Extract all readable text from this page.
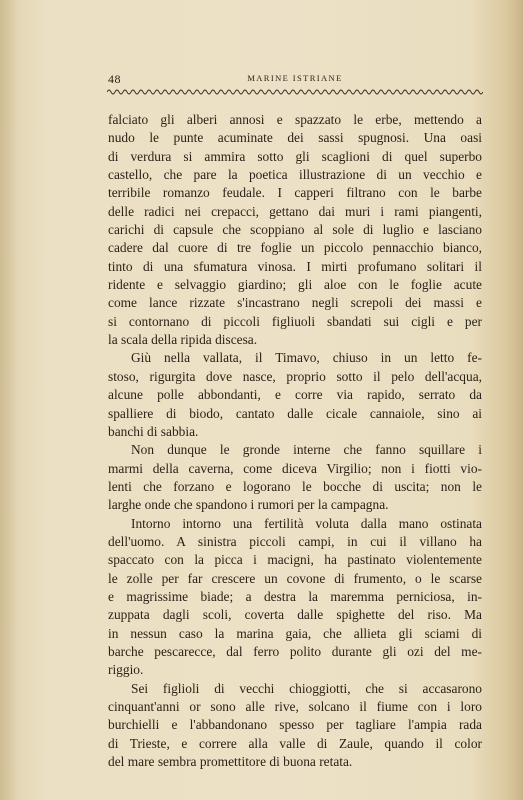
48	MARINE ISTRIANE
falciato gli alberi annosi e spazzato le erbe, mettendo a
nudo le punte acuminate dei sassi spugnosi. Una oasi
di verdura si ammira sotto gli scaglioni di quel superbo
castello, che pare la poetica illustrazione di un vecchio e
terribile romanzo feudale. I capperi filtrano con le barbe
delle radici nei crepacci, gettano dai muri i rami piangenti,
carichi di capsule che scoppiano al sole di luglio e lasciano
cadere dal cuore di tre foglie un piccolo pennacchio bianco,
tinto di una sfumatura vinosa. I mirti profumano solitari il
ridente e selvaggio giardino; gli aloe con le foglie acute
come lance rizzate s'incastrano negli screpoli dei massi e
si contornano di piccoli figliuoli sbandati sui cigli e per
la scala della ripida discesa.
Giù nella vallata, il Timavo, chiuso in un letto fe-
stoso, rigurgita dove nasce, proprio sotto il pelo dell'acqua,
alcune polle abbondanti, e corre via rapido, serrato da
spalliere di biodo, cantato dalle cicale cannaiole, sino ai
banchi di sabbia.
Non dunque le gronde interne che fanno squillare i
marmi della caverna, come diceva Virgilio; non i fiotti vio-
lenti che forzano e logorano le bocche di uscita; non le
larghe onde che spandono i rumori per la campagna.
Intorno intorno una fertilità voluta dalla mano ostinata
dell'uomo. A sinistra piccoli campi, in cui il villano ha
spaccato con la picca i macigni, ha pastinato violentemente
le zolle per far crescere un covone di frumento, o le scarse
e magrissime biade; a destra la maremma perniciosa, in-
zuppata dagli scoli, coverta dalle spighette del riso. Ma
in nessun caso la marina gaia, che allieta gli sciami di
barche pescarecce, dal ferro polito durante gli ozi del me-
riggio.
Sei figlioli di vecchi chioggiotti, che si accasarono
cinquant'anni or sono alle rive, solcano il fiume con i loro
burchielli e l'abbandonano spesso per tagliare l'ampia rada
di Trieste, e correre alla valle di Zaule, quando il color
del mare sembra promettitore di buona retata.
